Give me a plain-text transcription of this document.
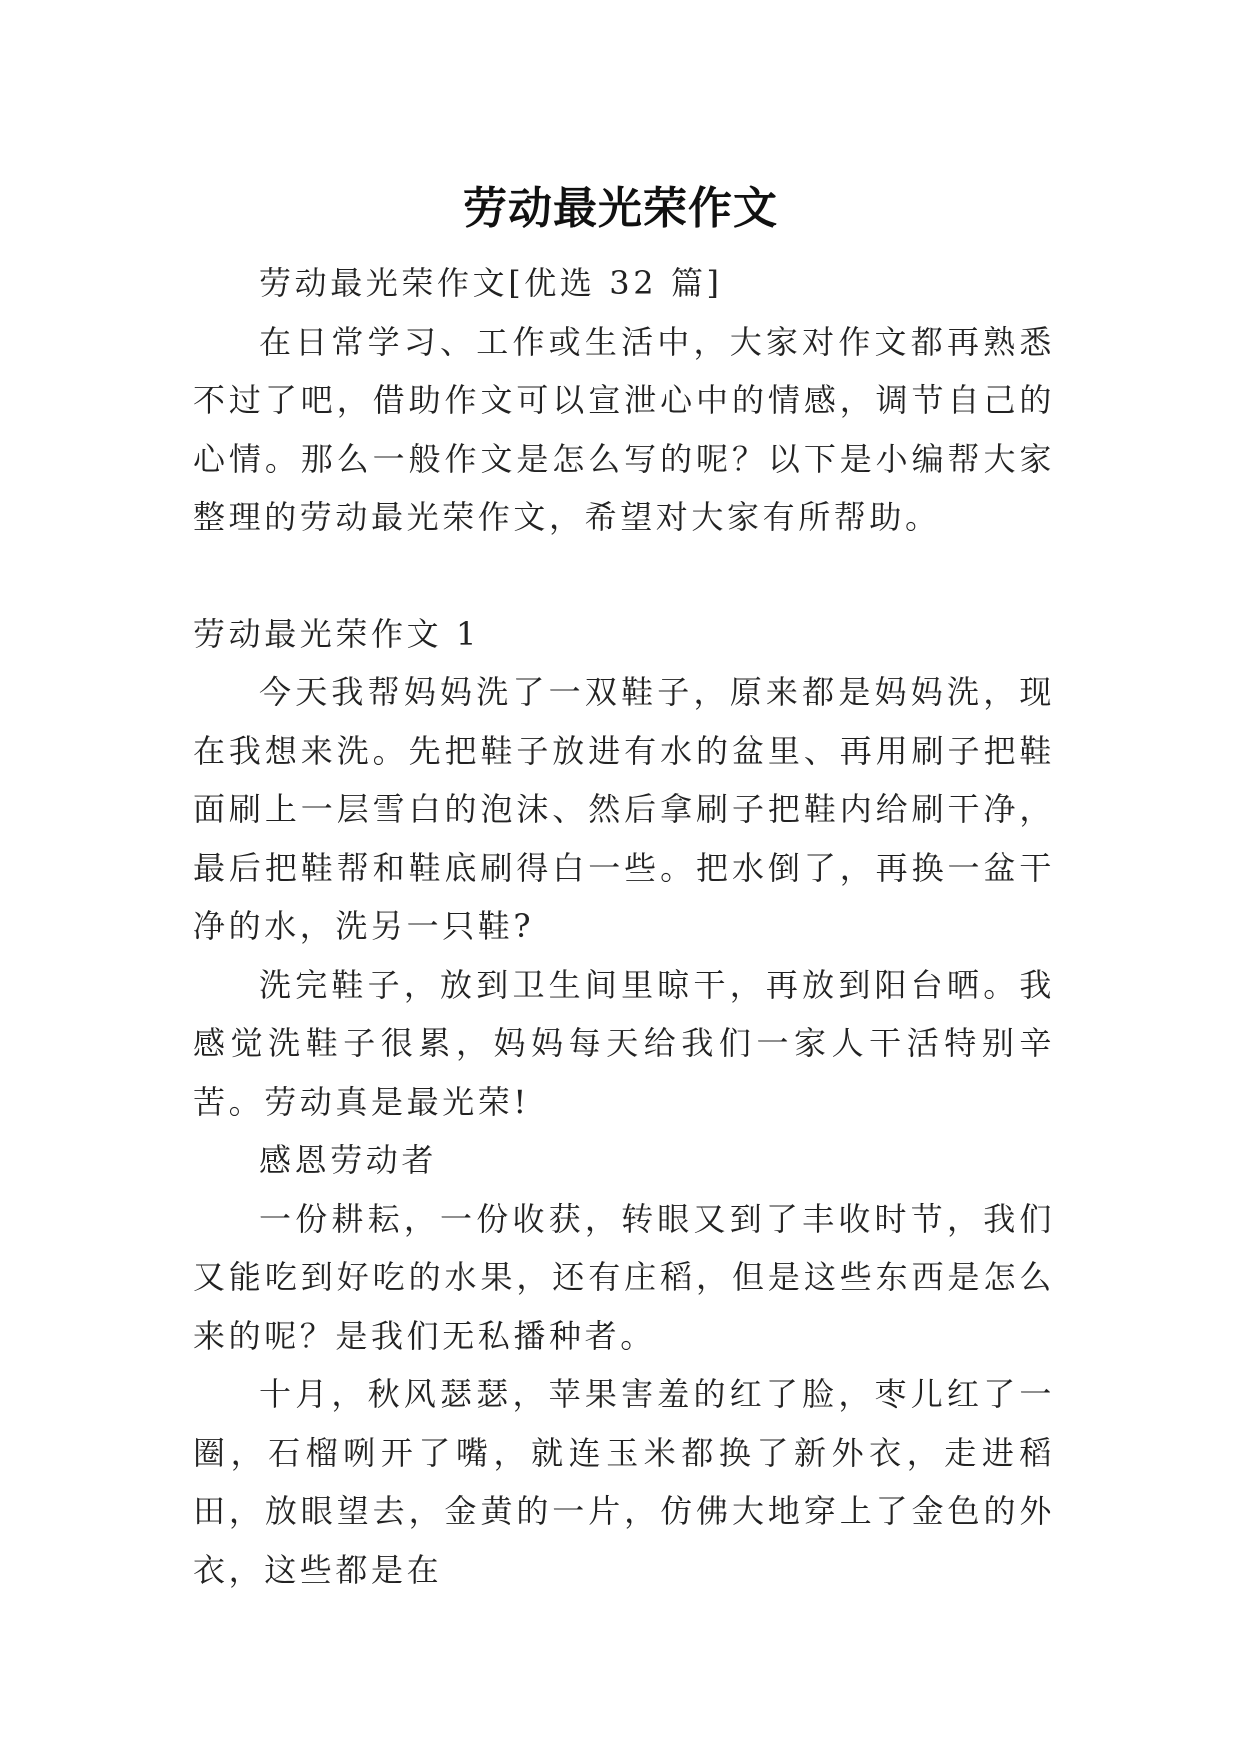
劳动最光荣作文

劳动最光荣作文[优选 32 篇]

在日常学习、工作或生活中，大家对作文都再熟悉不过了吧，借助作文可以宣泄心中的情感，调节自己的心情。那么一般作文是怎么写的呢？以下是小编帮大家整理的劳动最光荣作文，希望对大家有所帮助。

劳动最光荣作文 1

今天我帮妈妈洗了一双鞋子，原来都是妈妈洗，现在我想来洗。先把鞋子放进有水的盆里、再用刷子把鞋面刷上一层雪白的泡沫、然后拿刷子把鞋内给刷干净，最后把鞋帮和鞋底刷得白一些。把水倒了，再换一盆干净的水，洗另一只鞋?

洗完鞋子，放到卫生间里晾干，再放到阳台晒。我感觉洗鞋子很累，妈妈每天给我们一家人干活特别辛苦。劳动真是最光荣!

感恩劳动者

一份耕耘，一份收获，转眼又到了丰收时节，我们又能吃到好吃的水果，还有庄稻，但是这些东西是怎么来的呢？是我们无私播种者。

十月，秋风瑟瑟，苹果害羞的红了脸，枣儿红了一圈，石榴咧开了嘴，就连玉米都换了新外衣，走进稻田，放眼望去，金黄的一片，仿佛大地穿上了金色的外衣，这些都是在
